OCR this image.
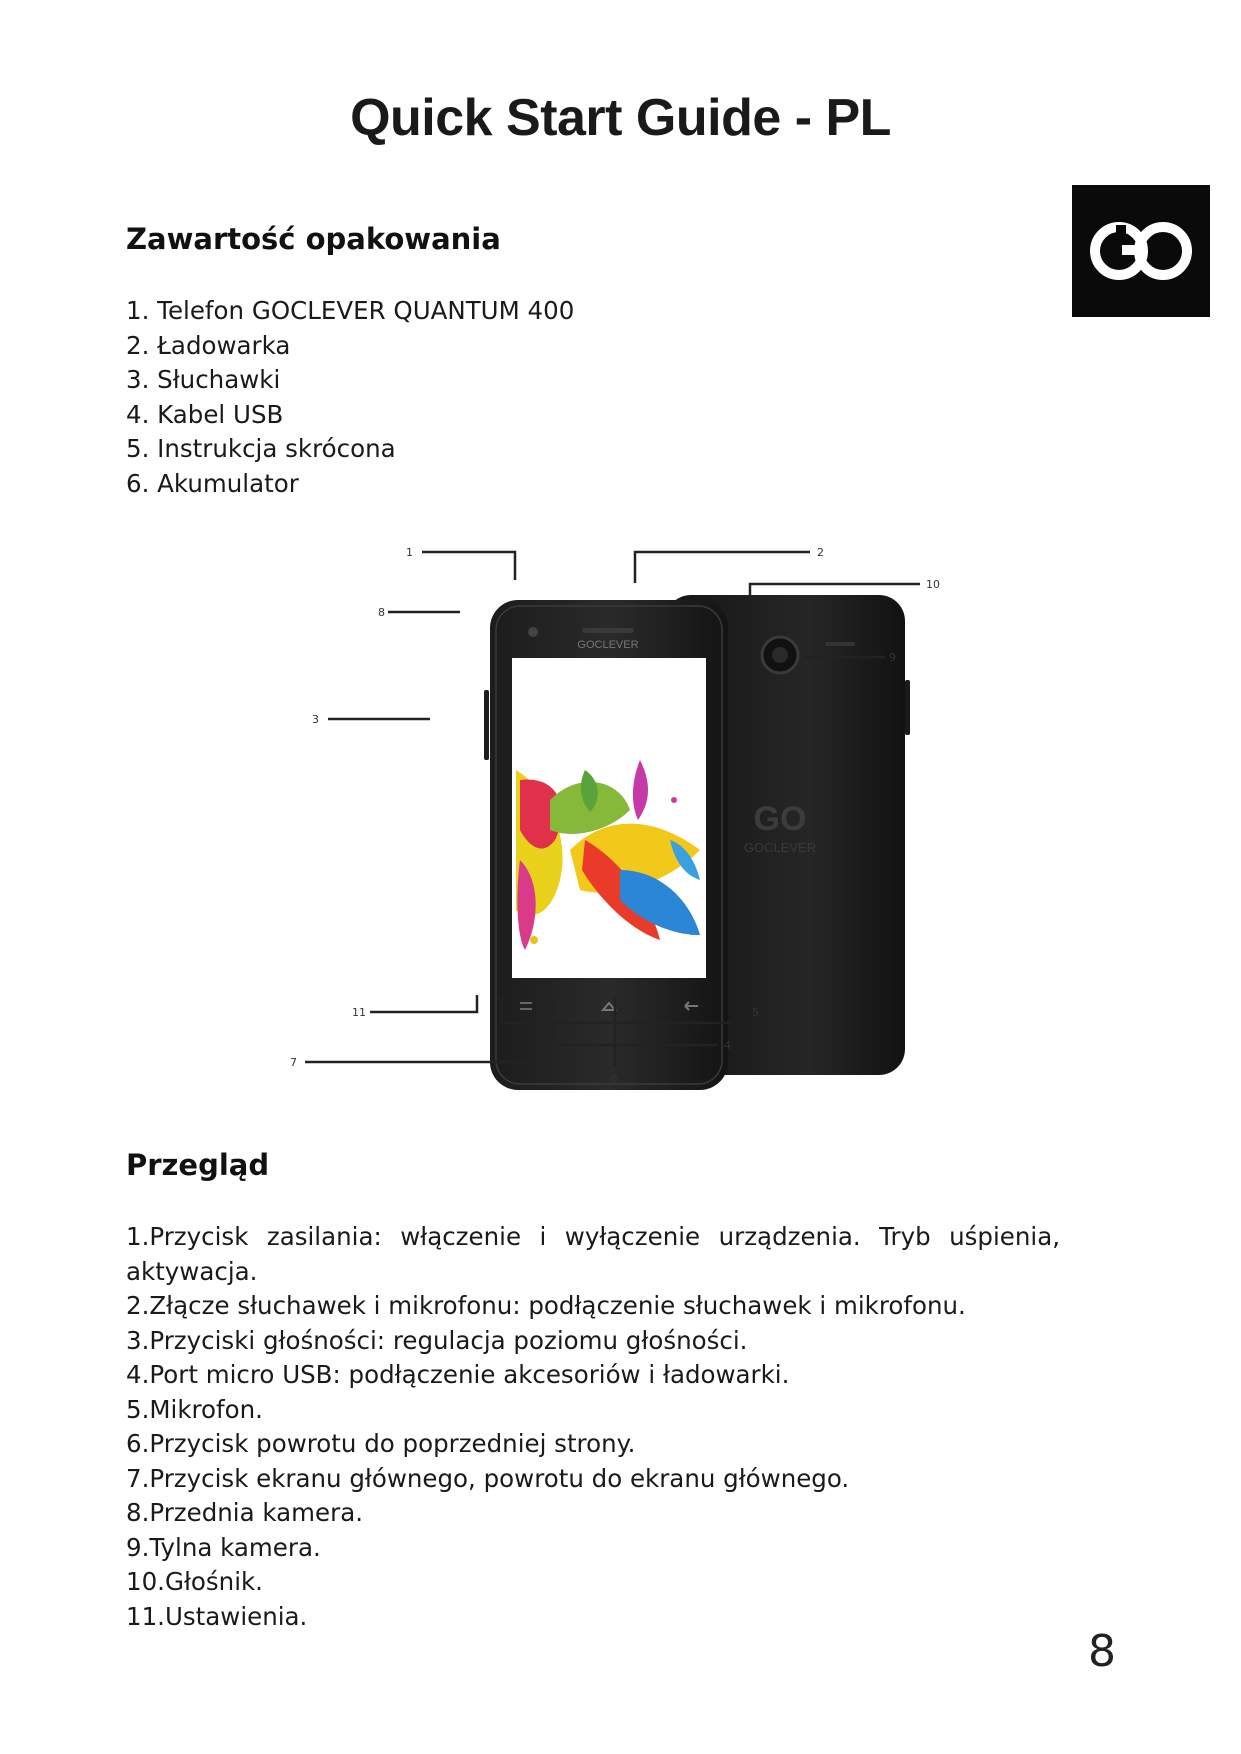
Quick Start Guide - PL
Zawartość opakowania
1. Telefon GOCLEVER QUANTUM 400
2. Ładowarka
3. Słuchawki
4. Kabel USB
5. Instrukcja skrócona
6. Akumulator
GO
GOCLEVER
GOCLEVER
1	2
10
8
9
3
11	5
4
7
6
Przegląd
1.Przycisk zasilania: włączenie i wyłączenie urządzenia. Tryb uśpienia, aktywacja.
2.Złącze słuchawek i mikrofonu: podłączenie słuchawek i mikrofonu.
3.Przyciski głośności: regulacja poziomu głośności.
4.Port micro USB: podłączenie akcesoriów i ładowarki.
5.Mikrofon.
6.Przycisk powrotu do poprzedniej strony.
7.Przycisk ekranu głównego, powrotu do ekranu głównego.
8.Przednia kamera.
9.Tylna kamera.
10.Głośnik.
11.Ustawienia.
8
